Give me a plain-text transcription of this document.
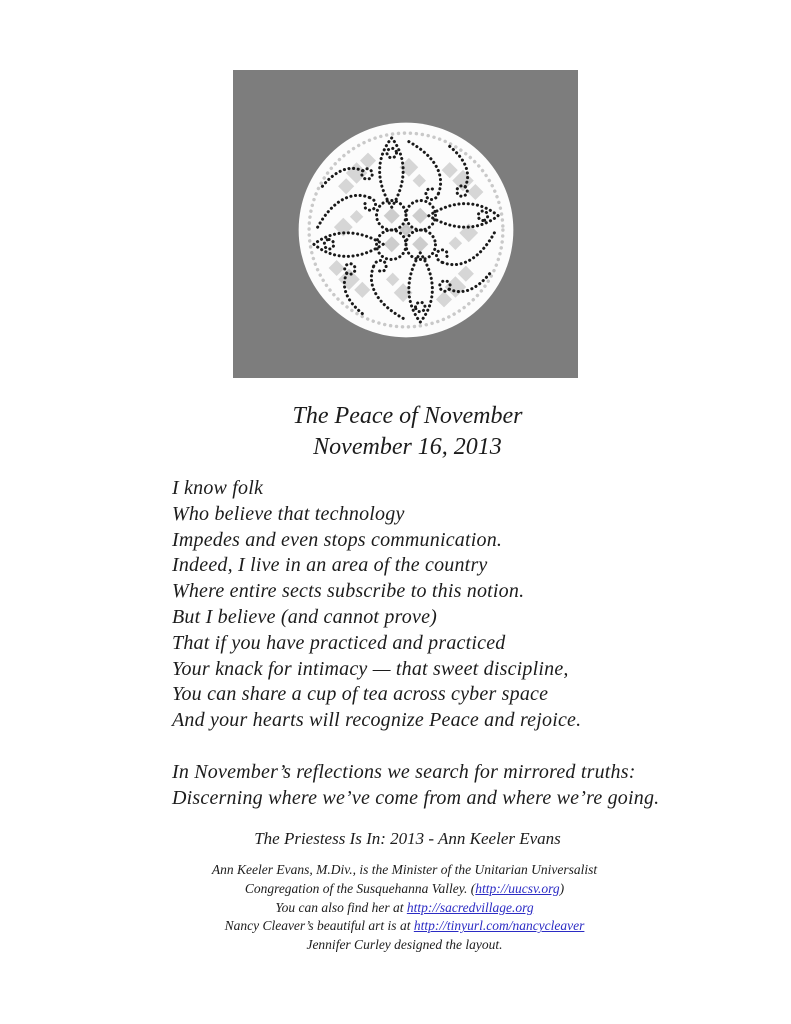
The Peace of November
November 16, 2013
I know folk
Who believe that technology
Impedes and even stops communication.
Indeed, I live in an area of the country
Where entire sects subscribe to this notion.
But I believe (and cannot prove)
That if you have practiced and practiced
Your knack for intimacy — that sweet discipline,
You can share a cup of tea across cyber space
And your hearts will recognize Peace and rejoice.
In November’s reflections we search for mirrored truths:
Discerning where we’ve come from and where we’re going.
The Priestess Is In: 2013 - Ann Keeler Evans
Ann Keeler Evans, M.Div., is the Minister of the Unitarian Universalist
Congregation of the Susquehanna Valley. (http://uucsv.org)
You can also find her at http://sacredvillage.org
Nancy Cleaver’s beautiful art is at http://tinyurl.com/nancycleaver
Jennifer Curley designed the layout.
